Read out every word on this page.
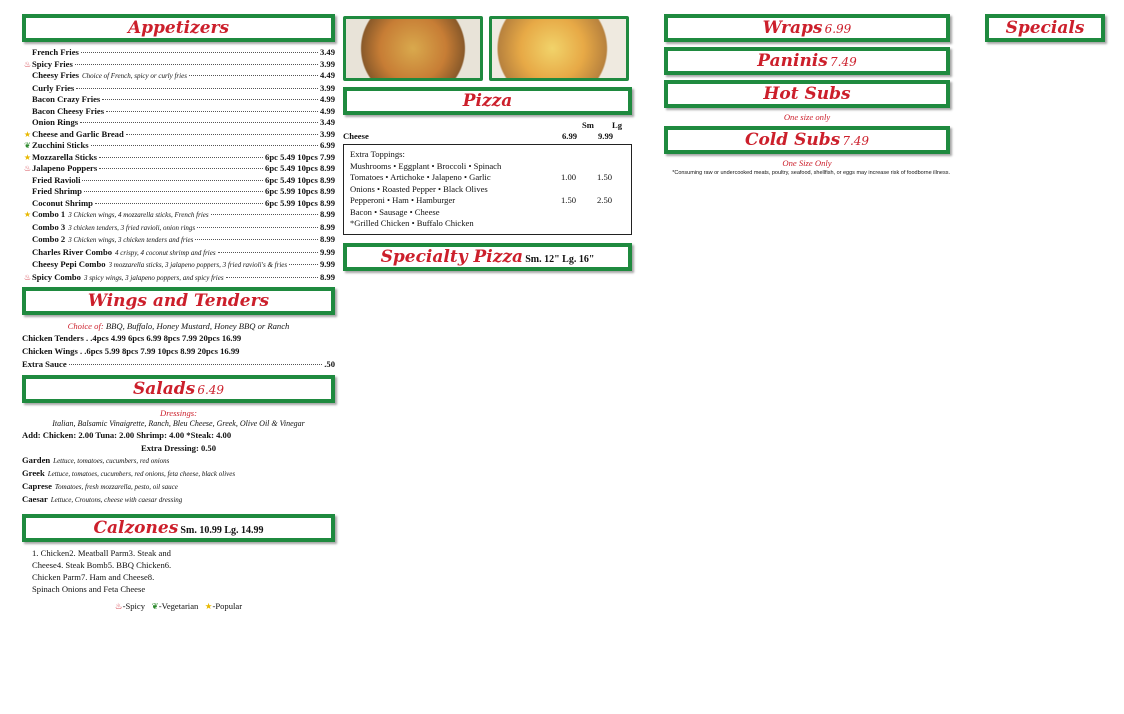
Appetizers
French Fries	3.49
♨ Spicy Fries	3.99
Cheesy Fries Choice of French, spicy or curly fries	4.49
Curly Fries	3.99
Bacon Crazy Fries	4.99
Bacon Cheesy Fries	4.99
Onion Rings	3.49
★ Cheese and Garlic Bread	3.99
❦ Zucchini Sticks	6.99
★ Mozzarella Sticks	6pc 5.49 10pcs 7.99
♨ Jalapeno Poppers	6pc 5.49 10pcs 8.99
Fried Ravioli	6pc 5.49 10pcs 8.99
Fried Shrimp	6pc 5.99 10pcs 8.99
Coconut Shrimp	6pc 5.99 10pcs 8.99
★ Combo 1 3 Chicken wings, 4 mozzarella sticks, French fries	8.99
Combo 3 3 chicken tenders, 3 fried ravioli, onion rings	8.99
Combo 2 3 Chicken wings, 3 chicken tenders and fries	8.99
Charles River Combo 4 crispy, 4 coconut shrimp and fries	9.99
Cheesy Pepi Combo 3 mozzarella sticks, 3 jalapeno poppers, 3 fried ravioli's & fries	9.99
♨ Spicy Combo 3 spicy wings, 3 jalapeno poppers, and spicy fries	8.99
Wings and Tenders
Choice of: BBQ, Buffalo, Honey Mustard, Honey BBQ or Ranch
Chicken Tenders . .4pcs 4.99 6pcs 6.99 8pcs 7.99 20pcs 16.99
Chicken Wings . .6pcs 5.99 8pcs 7.99 10pcs 8.99 20pcs 16.99
Extra Sauce	.50
Salads 6.49
Dressings:
Italian, Balsamic Vinaigrette, Ranch, Bleu Cheese, Greek, Olive Oil & Vinegar
Add: Chicken: 2.00 Tuna: 2.00 Shrimp: 4.00 *Steak: 4.00
Extra Dressing: 0.50
Garden Lettuce, tomatoes, cucumbers, red onions
Greek Lettuce, tomatoes, cucumbers, red onions, feta cheese, black olives
Caprese Tomatoes, fresh mozzarella, pesto, oil sauce
Caesar Lettuce, Croutons, cheese with caesar dressing
Calzones Sm. 10.99 Lg. 14.99
1. Chicken2. Meatball Parm3. Steak and Cheese4. Steak Bomb5. BBQ Chicken6. Chicken Parm7. Ham and Cheese8. Spinach Onions and Feta Cheese
♨-Spicy ❦-Vegetarian ★-Popular
Pizza
Sm Lg
Cheese	6.99	9.99
Extra Toppings:
Mushrooms • Eggplant • Broccoli • Spinach
Tomatoes • Artichoke • Jalapeno • Garlic	1.00	1.50
Onions • Roasted Pepper • Black Olives
Pepperoni • Ham • Hamburger	1.50	2.50
Bacon • Sausage • Cheese
*Grilled Chicken • Buffalo Chicken
Specialty Pizza Sm. 12" Lg. 16"
Wraps 6.99
Paninis 7.49
Hot Subs
One size only
Cold Subs 7.49
One Size Only
*Consuming raw or undercooked meats, poultry, seafood, shellfish, or eggs may increase risk of foodborne illness.
Specials
